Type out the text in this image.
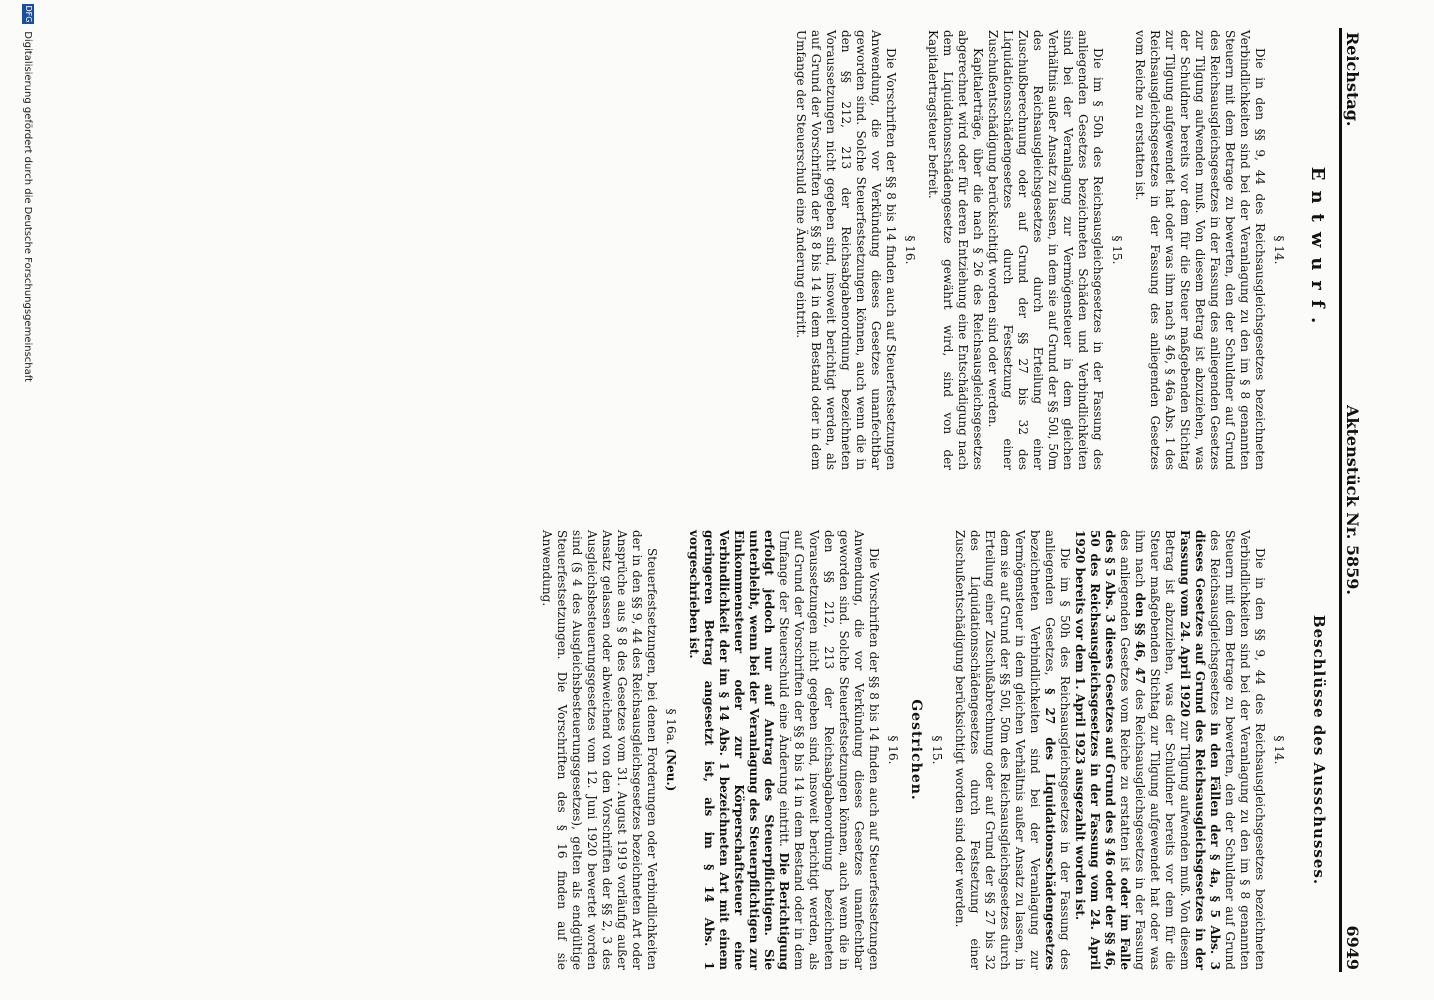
Reichstag.
Aktenstück Nr. 5859.
6949
Entwurf.
Beschlüsse des Ausschusses.
§ 14.

Die in den §§ 9, 44 des Reichsausgleichsgesetzes bezeichneten Verbindlichkeiten sind bei der Veranlagung zu den im § 8 genannten Steuern mit dem Betrage zu bewerten, den der Schuldner auf Grund des Reichsausgleichsgesetzes in der Fassung des anliegenden Gesetzes zur Tilgung aufwenden muß. Von diesem Betrag ist abzuziehen, was der Schuldner bereits vor dem für die Steuer maßgebenden Stichtag zur Tilgung aufgewendet hat oder was ihm nach § 46, § 46a Abs. 1 des Reichsausgleichsgesetzes in der Fassung des anliegenden Gesetzes vom Reiche zu erstatten ist.

§ 15.

Die im § 50h des Reichsausgleichsgesetzes in der Fassung des anliegenden Gesetzes bezeichneten Schäden und Verbindlichkeiten sind bei der Veranlagung zur Vermögensteuer in dem gleichen Verhältnis außer Ansatz zu lassen, in dem sie auf Grund der §§ 50l, 50m des Reichsausgleichsgesetzes durch Erteilung einer Zuschußberechnung oder auf Grund der §§ 27 bis 32 des Liquidationsschädengesetzes durch Festsetzung einer Zuschußentschädigung berücksichtigt worden sind oder werden.

Kapitalerträge, über die nach § 26 des Reichsausgleichsgesetzes abgerechnet wird oder für deren Entziehung eine Entschädigung nach dem Liquidationsschädengesetze gewährt wird, sind von der Kapitalertragsteuer befreit.

§ 16.

Die Vorschriften der §§ 8 bis 14 finden auch auf Steuerfestsetzungen Anwendung, die vor Verkündung dieses Gesetzes unanfechtbar geworden sind. Solche Steuerfestsetzungen können, auch wenn die in den §§ 212, 213 der Reichsabgabenordnung bezeichneten Voraussetzungen nicht gegeben sind, insoweit berichtigt werden, als auf Grund der Vorschriften der §§ 8 bis 14 in dem Bestand oder in dem Umfange der Steuerschuld eine Änderung eintritt.

§ 14.

Die in den §§ 9, 44 des Reichsausgleichsgesetzes bezeichneten Verbindlichkeiten sind bei der Veranlagung zu den im § 8 genannten Steuern mit dem Betrage zu bewerten, den der Schuldner auf Grund des Reichsausgleichsgesetzes in den Fällen der § 4a, § 5 Abs. 3 dieses Gesetzes auf Grund des Reichsausgleichsgesetzes in der Fassung vom 24. April 1920 zur Tilgung aufwenden muß. Von diesem Betrag ist abzuziehen, was der Schuldner bereits vor dem für die Steuer maßgebenden Stichtag zur Tilgung aufgewendet hat oder was ihm nach den §§ 46, 47 des Reichsausgleichsgesetzes in der Fassung des anliegenden Gesetzes vom Reiche zu erstatten ist oder im Falle des § 5 Abs. 3 dieses Gesetzes auf Grund des § 46 oder der §§ 46, 50 des Reichsausgleichsgesetzes in der Fassung vom 24. April 1920 bereits vor dem 1. April 1923 ausgezahlt worden ist.

Die im § 50h des Reichsausgleichsgesetzes in der Fassung des anliegenden Gesetzes, § 27 des Liquidationsschädengesetzes bezeichneten Verbindlichkeiten sind bei der Veranlagung zur Vermögensteuer in dem gleichen Verhältnis außer Ansatz zu lassen, in dem sie auf Grund der §§ 50l, 50m des Reichsausgleichsgesetzes durch Erteilung einer Zuschußabrechnung oder auf Grund der §§ 27 bis 32 des Liquidationsschädengesetzes durch Festsetzung einer Zuschußentschädigung berücksichtigt worden sind oder werden.

§ 15.
Gestrichen.
§ 16.

Die Vorschriften der §§ 8 bis 14 finden auch auf Steuerfestsetzungen Anwendung, die vor Verkündung dieses Gesetzes unanfechtbar geworden sind. Solche Steuerfestsetzungen können, auch wenn die in den §§ 212, 213 der Reichsabgabenordnung bezeichneten Voraussetzungen nicht gegeben sind, insoweit berichtigt werden, als auf Grund der Vorschriften der §§ 8 bis 14 in dem Bestand oder in dem Umfange der Steuerschuld eine Änderung eintritt. Die Berichtigung erfolgt jedoch nur auf Antrag des Steuerpflichtigen. Sie unterbleibt, wenn bei der Veranlagung des Steuerpflichtigen zur Einkommensteuer oder zur Körperschaftsteuer eine Verbindlichkeit der im § 14 Abs. 1 bezeichneten Art mit einem geringeren Betrag angesetzt ist, als im § 14 Abs. 1 vorgeschrieben ist.

§ 16a. (Neu.)

Steuerfestsetzungen, bei denen Forderungen oder Verbindlichkeiten der in den §§ 9, 44 des Reichsausgleichsgesetzes bezeichneten Art oder Ansprüche aus § 8 des Gesetzes vom 31. August 1919 vorläufig außer Ansatz gelassen oder abweichend von den Vorschriften der §§ 2, 3 des Ausgleichsbesteuerungsgesetzes vom 12. Juni 1920 bewertet worden sind (§ 4 des Ausgleichsbesteuerungsgesetzes), gelten als endgültige Steuerfestsetzungen. Die Vorschriften des § 16 finden auf sie Anwendung.

DFG Digitalisierung gefördert durch die Deutsche Forschungsgemeinschaft
